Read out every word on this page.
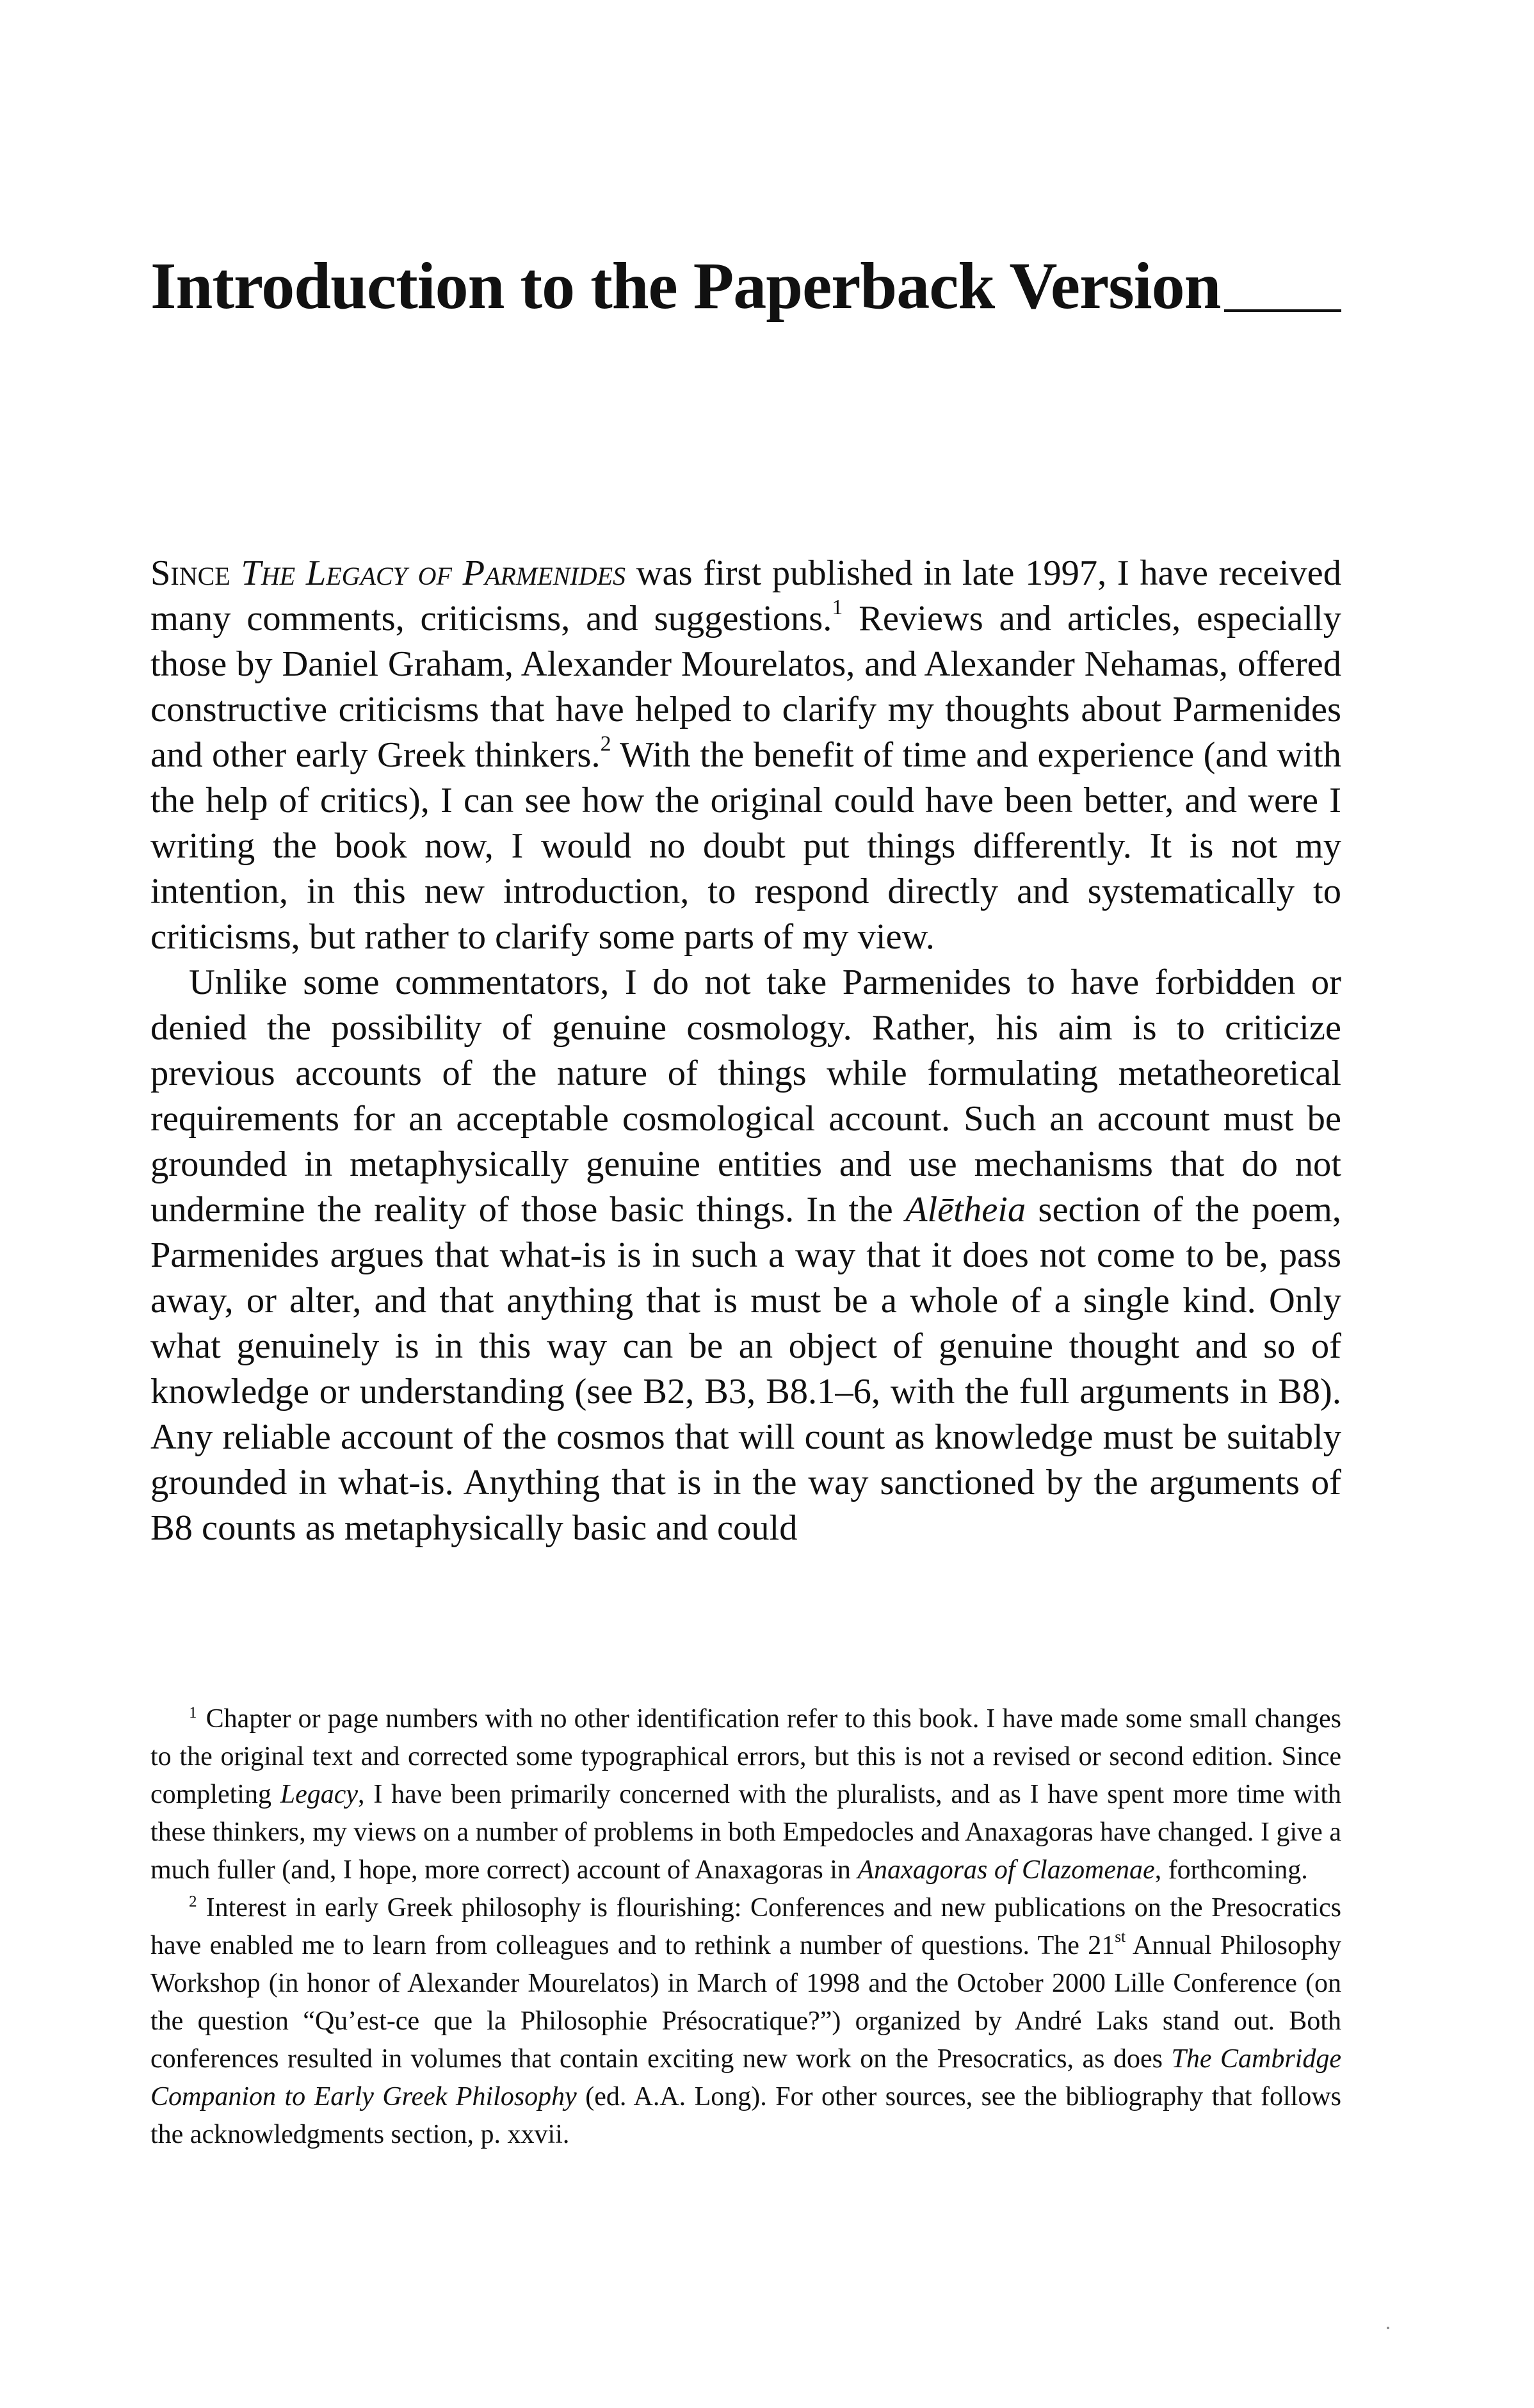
Introduction to the Paperback Version

Since The Legacy of Parmenides was first published in late 1997, I have received many comments, criticisms, and suggestions.$^1$ Reviews and articles, especially those by Daniel Graham, Alexander Mourelatos, and Alexander Nehamas, offered constructive criticisms that have helped to clarify my thoughts about Parmenides and other early Greek thinkers.$^2$ With the benefit of time and experience (and with the help of critics), I can see how the original could have been better, and were I writing the book now, I would no doubt put things differently. It is not my intention, in this new introduction, to respond directly and systematically to criticisms, but rather to clarify some parts of my view.

Unlike some commentators, I do not take Parmenides to have forbidden or denied the possibility of genuine cosmology. Rather, his aim is to criticize previous accounts of the nature of things while formulating metatheoretical requirements for an acceptable cosmological account. Such an account must be grounded in metaphysically genuine entities and use mechanisms that do not undermine the reality of those basic things. In the Alētheia section of the poem, Parmenides argues that what-is is in such a way that it does not come to be, pass away, or alter, and that anything that is must be a whole of a single kind. Only what genuinely is in this way can be an object of genuine thought and so of knowledge or understanding (see B2, B3, B8.1–6, with the full arguments in B8). Any reliable account of the cosmos that will count as knowledge must be suitably grounded in what-is. Anything that is in the way sanctioned by the arguments of B8 counts as metaphysically basic and could

$^1$ Chapter or page numbers with no other identification refer to this book. I have made some small changes to the original text and corrected some typographical errors, but this is not a revised or second edition. Since completing Legacy, I have been primarily concerned with the pluralists, and as I have spent more time with these thinkers, my views on a number of problems in both Empedocles and Anaxagoras have changed. I give a much fuller (and, I hope, more correct) account of Anaxagoras in Anaxagoras of Clazomenae, forthcoming.

$^2$ Interest in early Greek philosophy is flourishing: Conferences and new publications on the Presocratics have enabled me to learn from colleagues and to rethink a number of questions. The 21st Annual Philosophy Workshop (in honor of Alexander Mourelatos) in March of 1998 and the October 2000 Lille Conference (on the question “Qu’est-ce que la Philosophie Présocratique?”) organized by André Laks stand out. Both conferences resulted in volumes that contain exciting new work on the Presocratics, as does The Cambridge Companion to Early Greek Philosophy (ed. A.A. Long). For other sources, see the bibliography that follows the acknowledgments section, p. xxvii.
